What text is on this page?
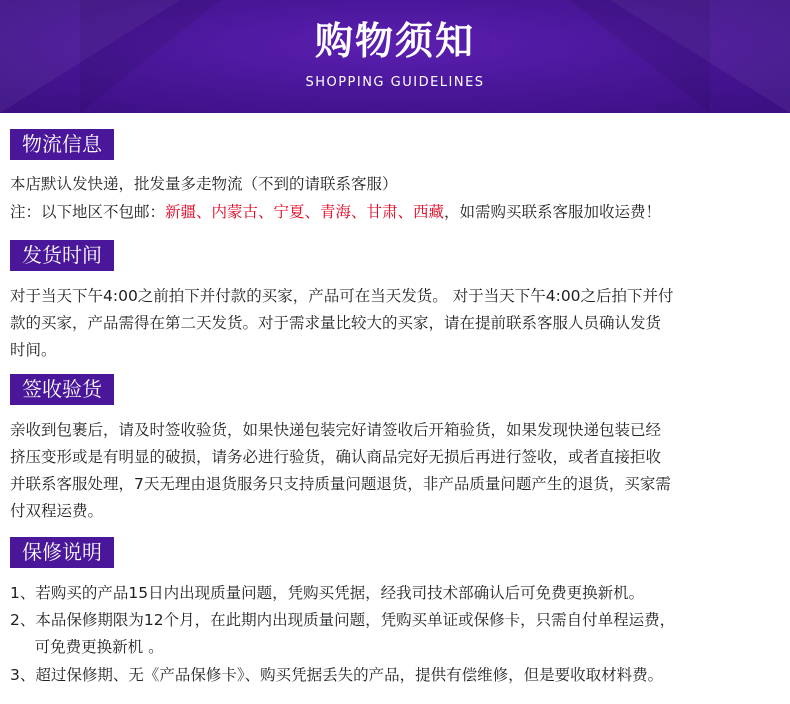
购物须知
SHOPPING GUIDELINES
物流信息
本店默认发快递，批发量多走物流（不到的请联系客服）
注：以下地区不包邮：新疆、内蒙古、宁夏、青海、甘肃、西藏，如需购买联系客服加收运费！
发货时间
对于当天下午4:00之前拍下并付款的买家，产品可在当天发货。 对于当天下午4:00之后拍下并付
款的买家，产品需得在第二天发货。对于需求量比较大的买家，请在提前联系客服人员确认发货
时间。
签收验货
亲收到包裹后，请及时签收验货，如果快递包装完好请签收后开箱验货，如果发现快递包装已经
挤压变形或是有明显的破损，请务必进行验货，确认商品完好无损后再进行签收，或者直接拒收
并联系客服处理，7天无理由退货服务只支持质量问题退货，非产品质量问题产生的退货，买家需
付双程运费。
保修说明
1、若购买的产品15日内出现质量问题，凭购买凭据，经我司技术部确认后可免费更换新机。
2、本品保修期限为12个月，在此期内出现质量问题，凭购买单证或保修卡，只需自付单程运费，
可免费更换新机 。
3、超过保修期、无《产品保修卡》、购买凭据丢失的产品，提供有偿维修，但是要收取材料费。
